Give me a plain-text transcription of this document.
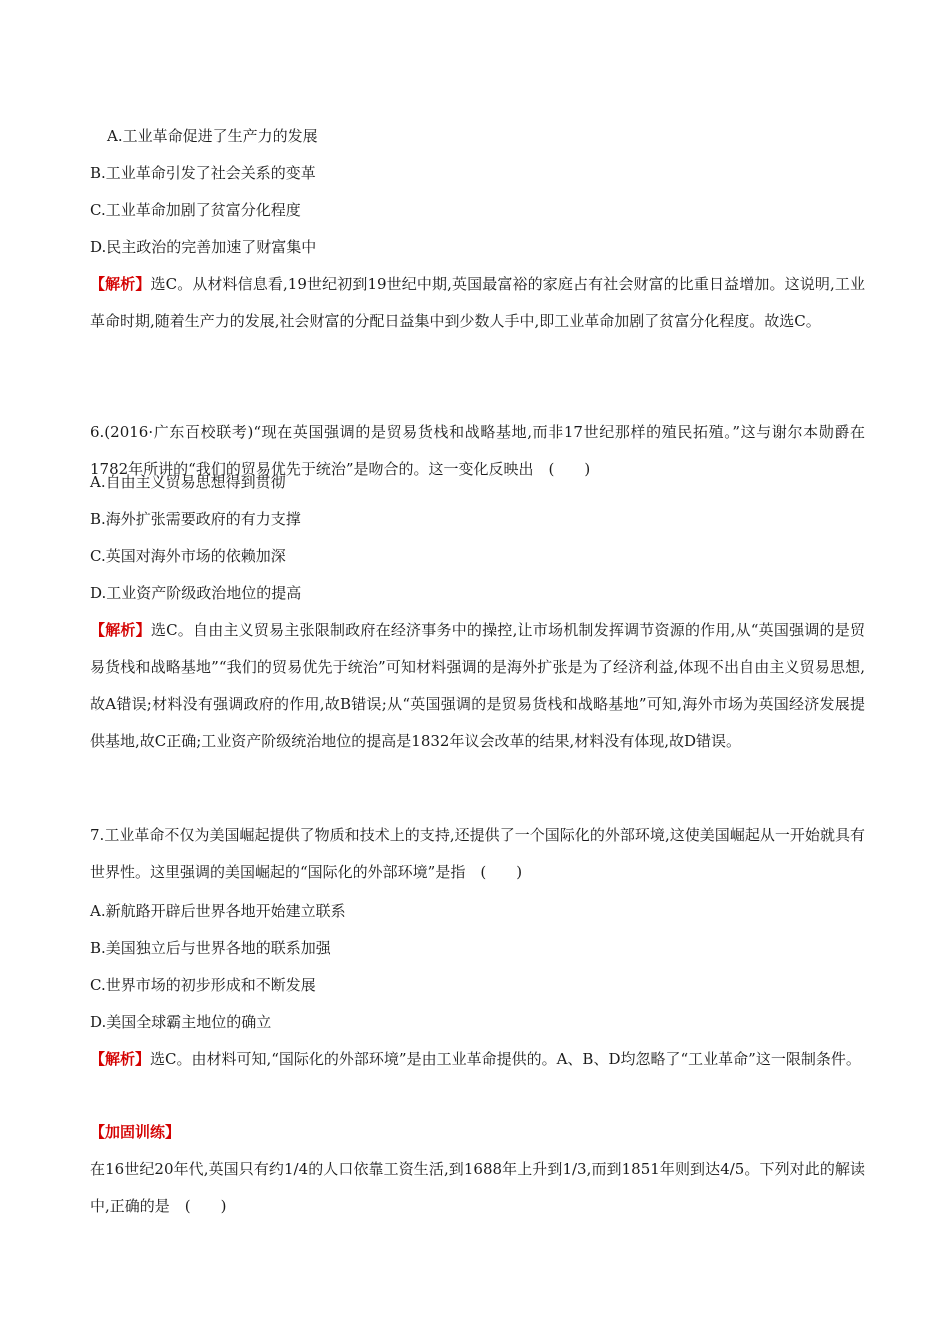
A.工业革命促进了生产力的发展
B.工业革命引发了社会关系的变革
C.工业革命加剧了贫富分化程度
D.民主政治的完善加速了财富集中
【解析】选C。从材料信息看,19世纪初到19世纪中期,英国最富裕的家庭占有社会财富的比重日益增加。这说明,工业革命时期,随着生产力的发展,社会财富的分配日益集中到少数人手中,即工业革命加剧了贫富分化程度。故选C。
6.(2016·广东百校联考)“现在英国强调的是贸易货栈和战略基地,而非17世纪那样的殖民拓殖。”这与谢尔本勋爵在1782年所讲的“我们的贸易优先于统治”是吻合的。这一变化反映出　(　　)
A.自由主义贸易思想得到贯彻
B.海外扩张需要政府的有力支撑
C.英国对海外市场的依赖加深
D.工业资产阶级政治地位的提高
【解析】选C。自由主义贸易主张限制政府在经济事务中的操控,让市场机制发挥调节资源的作用,从“英国强调的是贸易货栈和战略基地”“我们的贸易优先于统治”可知材料强调的是海外扩张是为了经济利益,体现不出自由主义贸易思想,故A错误;材料没有强调政府的作用,故B错误;从“英国强调的是贸易货栈和战略基地”可知,海外市场为英国经济发展提供基地,故C正确;工业资产阶级统治地位的提高是1832年议会改革的结果,材料没有体现,故D错误。
7.工业革命不仅为美国崛起提供了物质和技术上的支持,还提供了一个国际化的外部环境,这使美国崛起从一开始就具有世界性。这里强调的美国崛起的“国际化的外部环境”是指　(　　)
A.新航路开辟后世界各地开始建立联系
B.美国独立后与世界各地的联系加强
C.世界市场的初步形成和不断发展
D.美国全球霸主地位的确立
【解析】选C。由材料可知,“国际化的外部环境”是由工业革命提供的。A、B、D均忽略了“工业革命”这一限制条件。
【加固训练】
在16世纪20年代,英国只有约1/4的人口依靠工资生活,到1688年上升到1/3,而到1851年则到达4/5。下列对此的解读中,正确的是　(　　)
